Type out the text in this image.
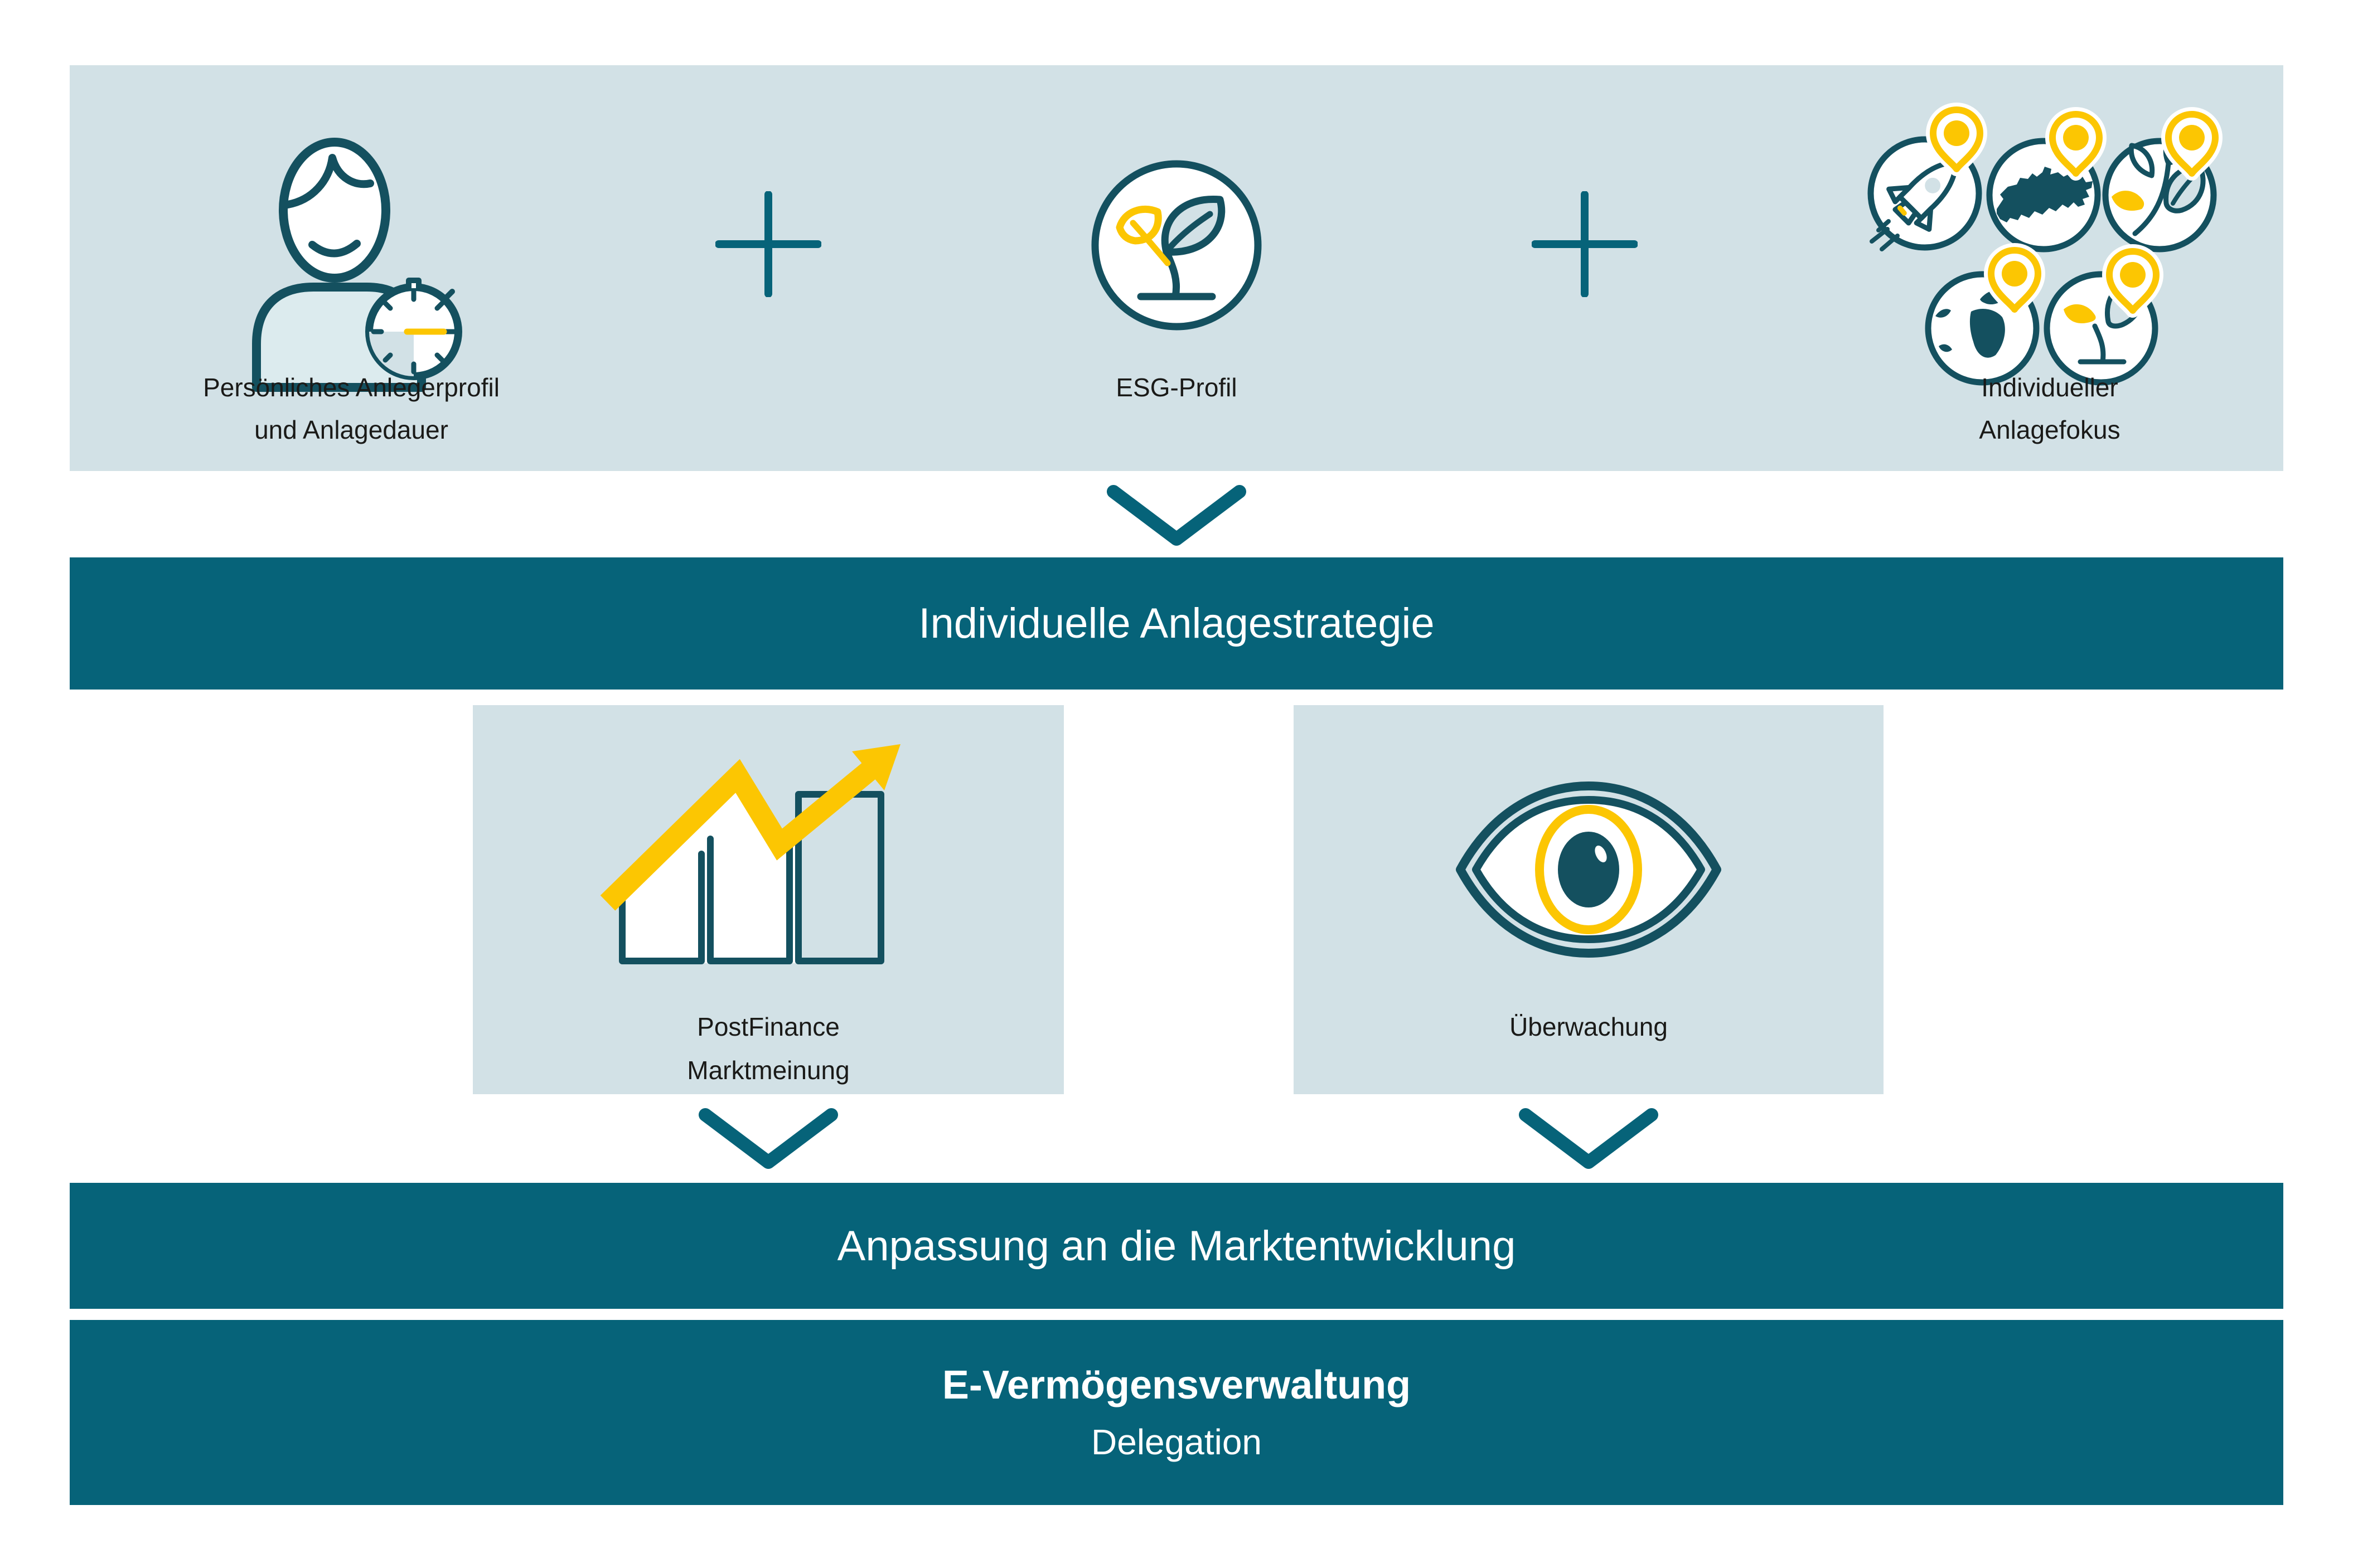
Persönliches Anlegerprofil
und Anlagedauer
ESG-Profil	Individueller
Anlagefokus
Individuelle Anlagestrategie
PostFinance
Marktmeinung
Überwachung
Anpassung an die Marktentwicklung
E-Vermögensverwaltung
Delegation
